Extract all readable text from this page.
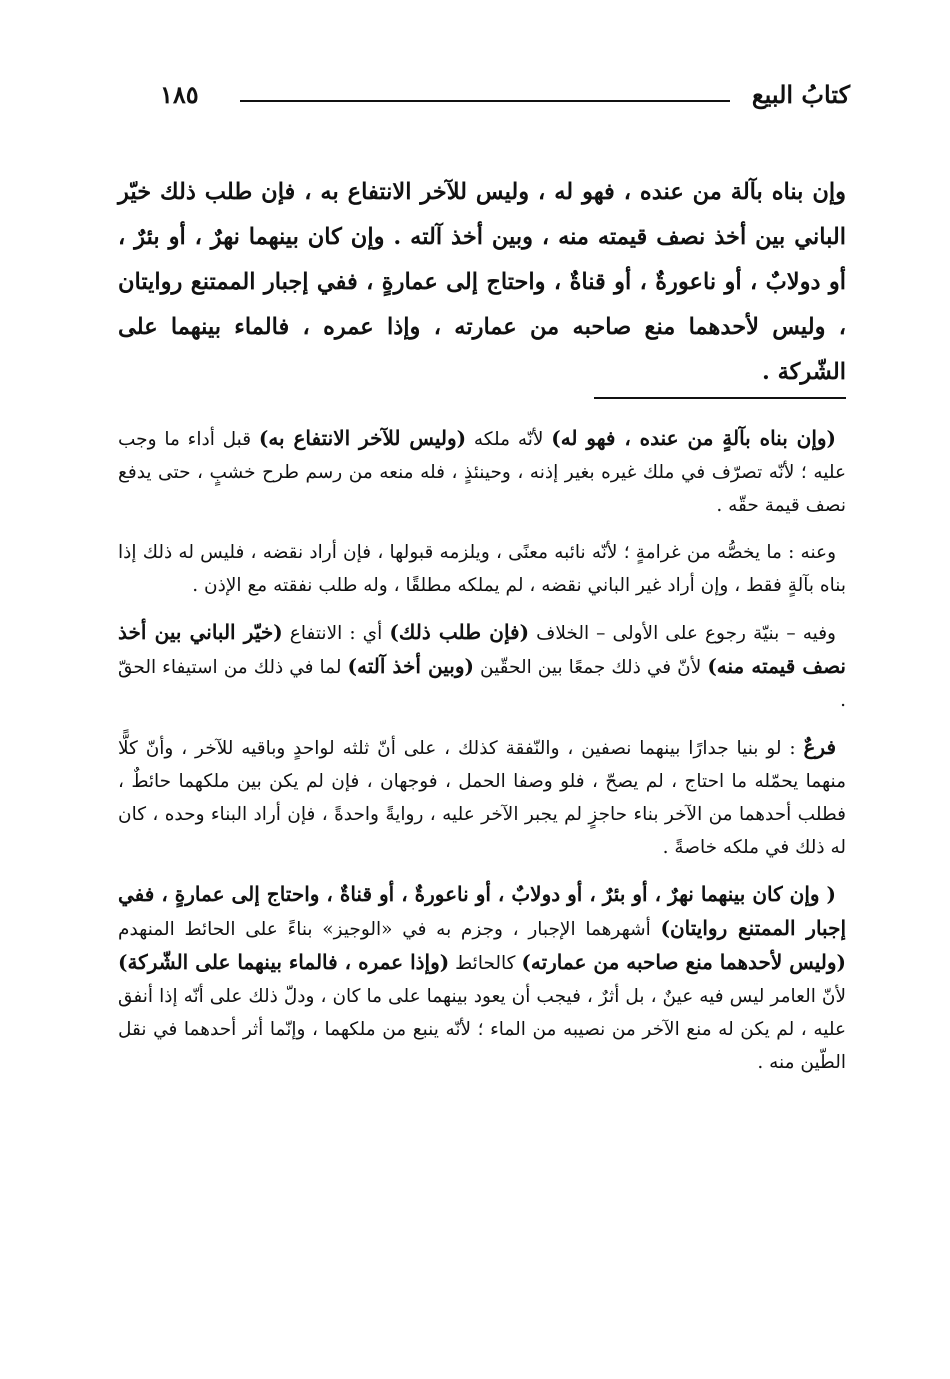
كتابُ البيع
١٨٥
وإن بناه بآلة من عنده ، فهو له ، وليس للآخر الانتفاع به ، فإن طلب ذلك خيّر الباني بين أخذ نصف قيمته منه ، وبين أخذ آلته . وإن كان بينهما نهرٌ ، أو بئرٌ ، أو دولابٌ ، أو ناعورةٌ ، أو قناةٌ ، واحتاج إلى عمارةٍ ، ففي إجبار الممتنع روايتان ، وليس لأحدهما منع صاحبه من عمارته ، وإذا عمره ، فالماء بينهما على الشّركة .

(وإن بناه بآلةٍ من عنده ، فهو له) لأنّه ملكه (وليس للآخر الانتفاع به) قبل أداء ما وجب عليه ؛ لأنّه تصرّف في ملك غيره بغير إذنه ، وحينئذٍ ، فله منعه من رسم طرح خشبٍ ، حتى يدفع نصف قيمة حقّه .

وعنه : ما يخصُّه من غرامةٍ ؛ لأنّه نائبه معنًى ، ويلزمه قبولها ، فإن أراد نقضه ، فليس له ذلك إذا بناه بآلةٍ فقط ، وإن أراد غير الباني نقضه ، لم يملكه مطلقًا ، وله طلب نفقته مع الإذن .

وفيه – بنيّة رجوع على الأولى – الخلاف (فإن طلب ذلك) أي : الانتفاع (خيّر الباني بين أخذ نصف قيمته منه) لأنّ في ذلك جمعًا بين الحقّين (وبين أخذ آلته) لما في ذلك من استيفاء الحقّ .

فرعٌ : لو بنيا جدارًا بينهما نصفين ، والنّفقة كذلك ، على أنّ ثلثه لواحدٍ وباقيه للآخر ، وأنّ كلًّا منهما يحمّله ما احتاج ، لم يصحّ ، فلو وصفا الحمل ، فوجهان ، فإن لم يكن بين ملكهما حائطٌ ، فطلب أحدهما من الآخر بناء حاجزٍ لم يجبر الآخر عليه ، روايةً واحدةً ، فإن أراد البناء وحده ، كان له ذلك في ملكه خاصةً .

( وإن كان بينهما نهرٌ ، أو بئرٌ ، أو دولابٌ ، أو ناعورةٌ ، أو قناةٌ ، واحتاج إلى عمارةٍ ، ففي إجبار الممتنع روايتان) أشهرهما الإجبار ، وجزم به في «الوجيز» بناءً على الحائط المنهدم (وليس لأحدهما منع صاحبه من عمارته) كالحائط (وإذا عمره ، فالماء بينهما على الشّركة) لأنّ العامر ليس فيه عينٌ ، بل أثرٌ ، فيجب أن يعود بينهما على ما كان ، ودلّ ذلك على أنّه إذا أنفق عليه ، لم يكن له منع الآخر من نصيبه من الماء ؛ لأنّه ينبع من ملكهما ، وإنّما أثر أحدهما في نقل الطّين منه .
